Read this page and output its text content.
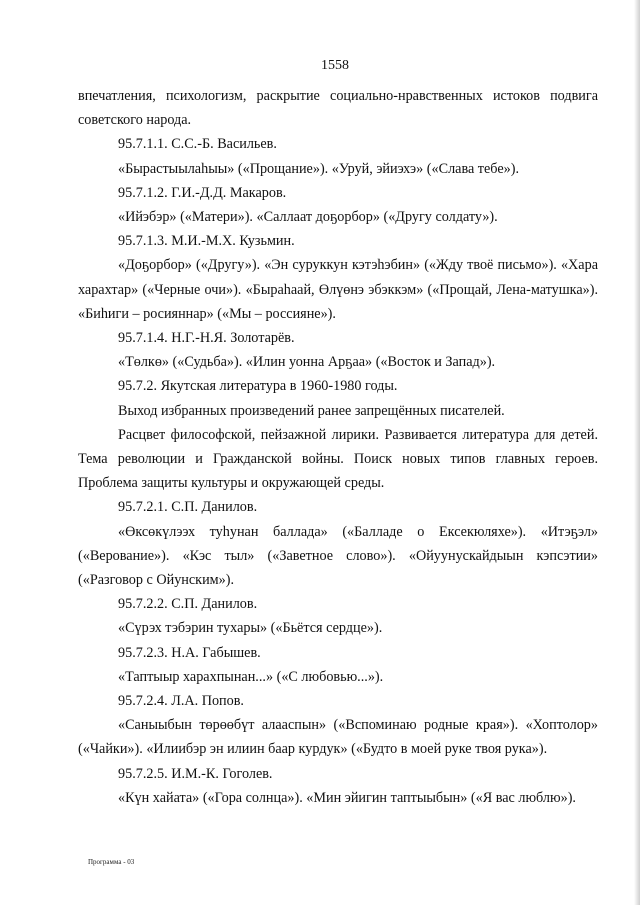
1558

впечатления, психологизм, раскрытие социально-нравственных истоков подвига советского народа.

95.7.1.1. С.С.-Б. Васильев.

«Бырастыылаһыы» («Прощание»). «Уруй, эйиэхэ» («Слава тебе»).

95.7.1.2. Г.И.-Д.Д. Макаров.

«Ийэбэр» («Матери»). «Саллаат доҕорбор» («Другу солдату»).

95.7.1.3. М.И.-М.Х. Кузьмин.

«Доҕорбор» («Другу»). «Эн суруккун кэтэһэбин» («Жду твоё письмо»). «Хара харахтар» («Черные очи»). «Быраһаай, Өлүөнэ эбэккэм» («Прощай, Лена-матушка»). «Биһиги – росияннар» («Мы – россияне»).

95.7.1.4. Н.Г.-Н.Я. Золотарёв.

«Төлкө» («Судьба»). «Илин уонна Арҕаа» («Восток и Запад»).

95.7.2. Якутская литература в 1960-1980 годы.

Выход избранных произведений ранее запрещённых писателей.

Расцвет философской, пейзажной лирики. Развивается литература для детей. Тема революции и Гражданской войны. Поиск новых типов главных героев. Проблема защиты культуры и окружающей среды.

95.7.2.1. С.П. Данилов.

«Өксөкүлээх туһунан баллада» («Балладе о Ексекюляхе»). «Итэҕэл» («Верование»). «Кэс тыл» («Заветное слово»). «Ойуунускайдыын кэпсэтии» («Разговор с Ойунским»).

95.7.2.2. С.П. Данилов.

«Сүрэх тэбэрин тухары» («Бьётся сердце»).

95.7.2.3. Н.А. Габышев.

«Таптыыр харахпынан...» («С любовью...»).

95.7.2.4. Л.А. Попов.

«Саныыбын төрөөбүт алаaспын» («Вспоминаю родные края»). «Хоптолор» («Чайки»). «Илиибэр эн илиин баар курдук» («Будто в моей руке твоя рука»).

95.7.2.5. И.М.-К. Гоголев.

«Күн хайата» («Гора солнца»). «Мин эйигин таптыыбын» («Я вас люблю»).

Программа - 03
